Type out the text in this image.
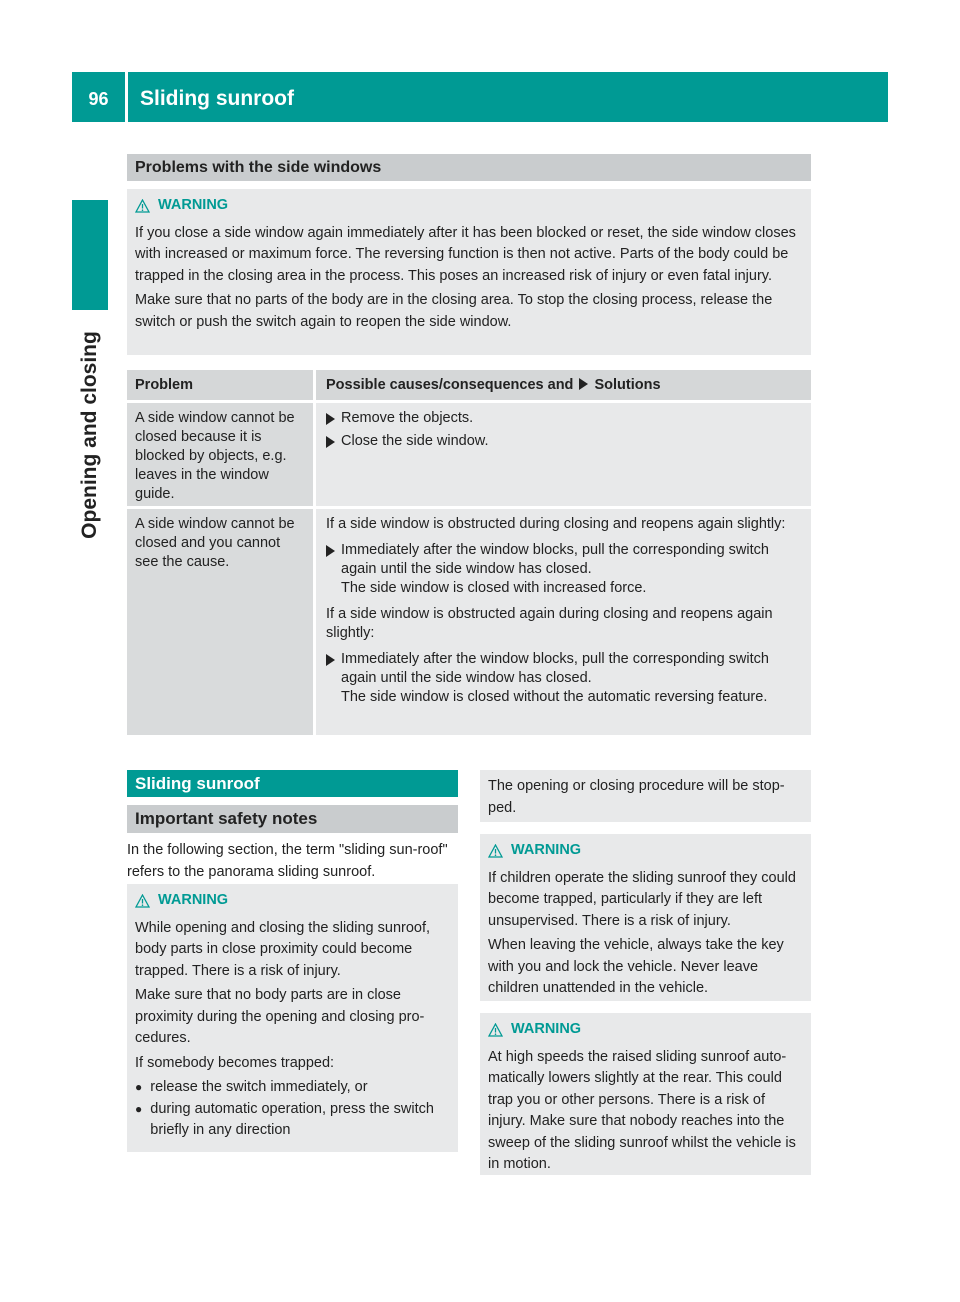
96	Sliding sunroof
Opening and closing
Problems with the side windows
WARNING

If you close a side window again immediately after it has been blocked or reset, the side window closes with increased or maximum force. The reversing function is then not active. Parts of the body could be trapped in the closing area in the process. This poses an increased risk of injury or even fatal injury.

Make sure that no parts of the body are in the closing area. To stop the closing process, release the switch or push the switch again to reopen the side window.

Problem	Possible causes/consequences and Solutions
A side window cannot be closed because it is blocked by objects, e.g. leaves in the window guide.
Remove the objects.
Close the side window.
A side window cannot be closed and you cannot see the cause.

If a side window is obstructed during closing and reopens again slightly:

Immediately after the window blocks, pull the corresponding switch again until the side window has closed.
The side window is closed with increased force.

If a side window is obstructed again during closing and reopens again slightly:

Immediately after the window blocks, pull the corresponding switch again until the side window has closed.
The side window is closed without the automatic reversing feature.
Sliding sunroof
Important safety notes
In the following section, the term "sliding sun-roof" refers to the panorama sliding sunroof.
WARNING

While opening and closing the sliding sunroof, body parts in close proximity could become trapped. There is a risk of injury.

Make sure that no body parts are in close proximity during the opening and closing pro-cedures.

If somebody becomes trapped:

● release the switch immediately, or
● during automatic operation, press the switch briefly in any direction

The opening or closing procedure will be stop-ped.

WARNING

If children operate the sliding sunroof they could become trapped, particularly if they are left unsupervised. There is a risk of injury.

When leaving the vehicle, always take the key with you and lock the vehicle. Never leave children unattended in the vehicle.

WARNING

At high speeds the raised sliding sunroof auto-matically lowers slightly at the rear. This could trap you or other persons. There is a risk of injury. Make sure that nobody reaches into the sweep of the sliding sunroof whilst the vehicle is in motion.
